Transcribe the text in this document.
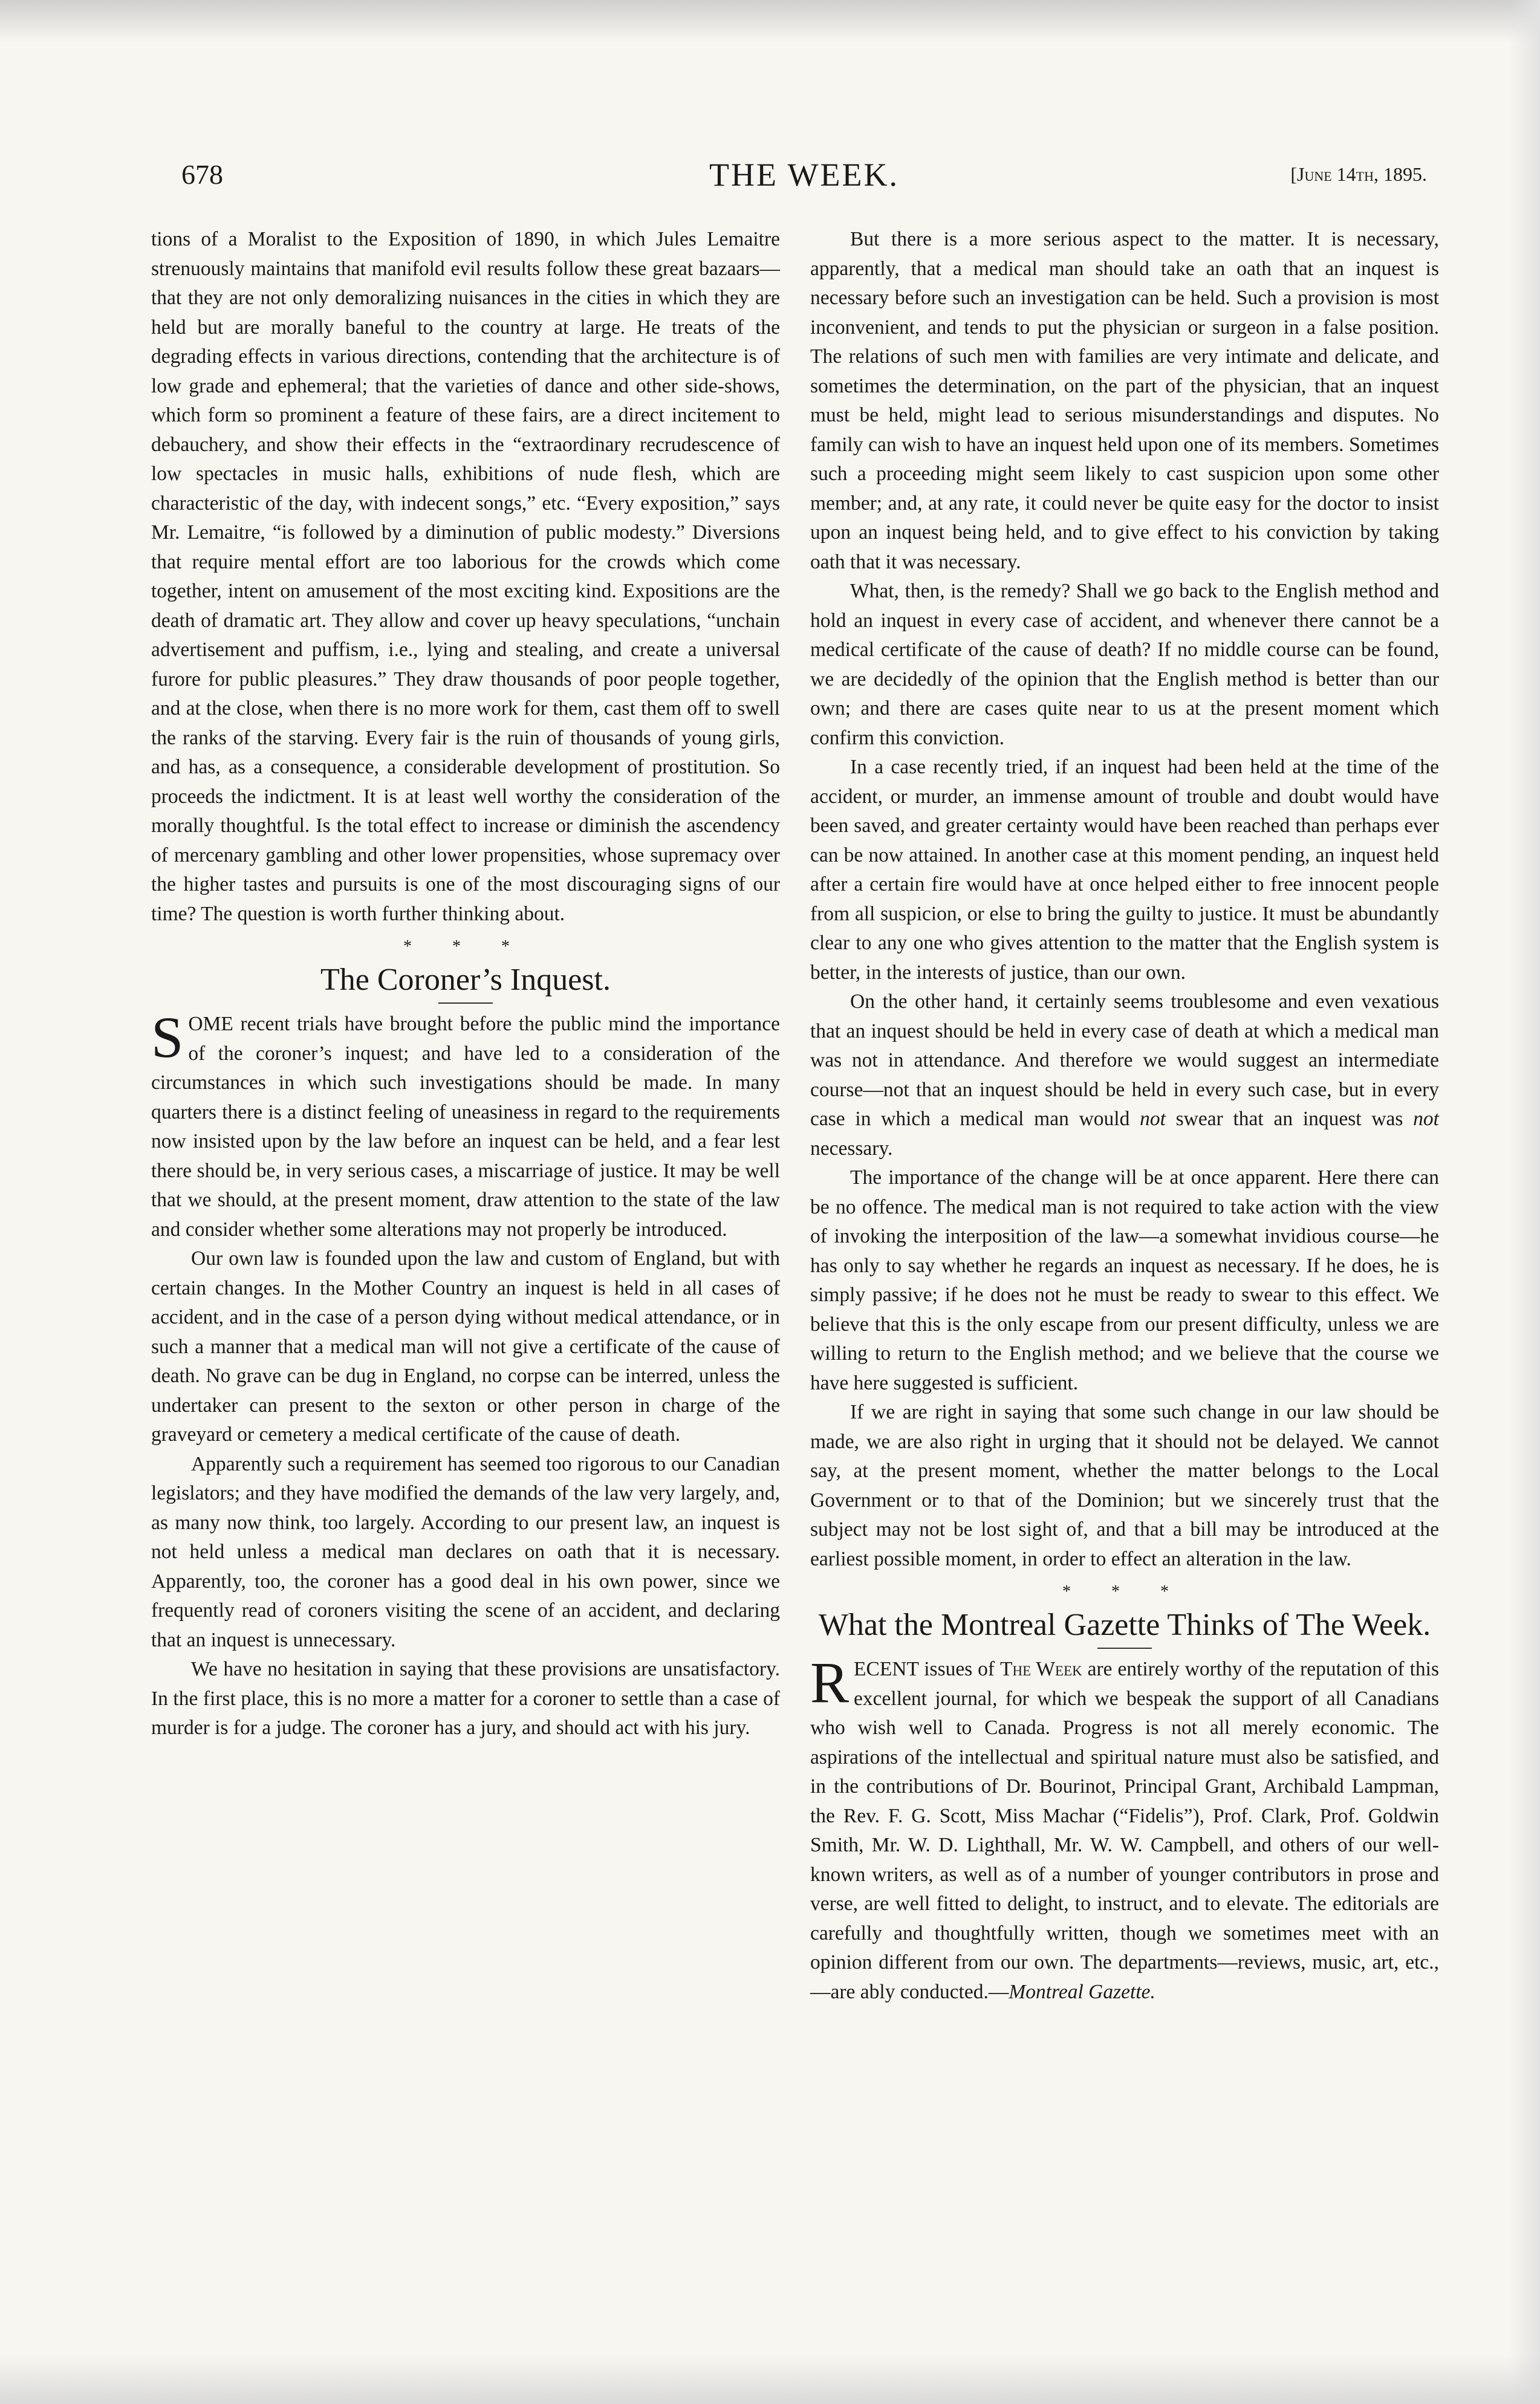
678	THE WEEK.	[June 14th, 1895.

tions of a Moralist to the Exposition of 1890, in which Jules Lemaitre strenuously maintains that manifold evil results follow these great bazaars—that they are not only demoralizing nuisances in the cities in which they are held but are morally baneful to the country at large. He treats of the degrading effects in various directions, contending that the architecture is of low grade and ephemeral; that the varieties of dance and other side-shows, which form so prominent a feature of these fairs, are a direct incitement to debauchery, and show their effects in the “extraordinary recrudescence of low spectacles in music halls, exhibitions of nude flesh, which are characteristic of the day, with indecent songs,” etc. “Every exposition,” says Mr. Lemaitre, “is followed by a diminution of public modesty.” Diversions that require mental effort are too laborious for the crowds which come together, intent on amusement of the most exciting kind. Expositions are the death of dramatic art. They allow and cover up heavy speculations, “unchain advertisement and puffism, i.e., lying and stealing, and create a universal furore for public pleasures.” They draw thousands of poor people together, and at the close, when there is no more work for them, cast them off to swell the ranks of the starving. Every fair is the ruin of thousands of young girls, and has, as a consequence, a considerable development of prostitution. So proceeds the indictment. It is at least well worthy the consideration of the morally thoughtful. Is the total effect to increase or diminish the ascendency of mercenary gambling and other lower propensities, whose supremacy over the higher tastes and pursuits is one of the most discouraging signs of our time? The question is worth further thinking about.

* * *
The Coroner’s Inquest.

SOME recent trials have brought before the public mind the importance of the coroner’s inquest; and have led to a consideration of the circumstances in which such investigations should be made. In many quarters there is a distinct feeling of uneasiness in regard to the requirements now insisted upon by the law before an inquest can be held, and a fear lest there should be, in very serious cases, a miscarriage of justice. It may be well that we should, at the present moment, draw attention to the state of the law and consider whether some alterations may not properly be introduced.

Our own law is founded upon the law and custom of England, but with certain changes. In the Mother Country an inquest is held in all cases of accident, and in the case of a person dying without medical attendance, or in such a manner that a medical man will not give a certificate of the cause of death. No grave can be dug in England, no corpse can be interred, unless the undertaker can present to the sexton or other person in charge of the graveyard or cemetery a medical certificate of the cause of death.

Apparently such a requirement has seemed too rigorous to our Canadian legislators; and they have modified the demands of the law very largely, and, as many now think, too largely. According to our present law, an inquest is not held unless a medical man declares on oath that it is necessary. Apparently, too, the coroner has a good deal in his own power, since we frequently read of coroners visiting the scene of an accident, and declaring that an inquest is unnecessary.

We have no hesitation in saying that these provisions are unsatisfactory. In the first place, this is no more a matter for a coroner to settle than a case of murder is for a judge. The coroner has a jury, and should act with his jury.

But there is a more serious aspect to the matter. It is necessary, apparently, that a medical man should take an oath that an inquest is necessary before such an investigation can be held. Such a provision is most inconvenient, and tends to put the physician or surgeon in a false position. The relations of such men with families are very intimate and delicate, and sometimes the determination, on the part of the physician, that an inquest must be held, might lead to serious misunderstandings and disputes. No family can wish to have an inquest held upon one of its members. Sometimes such a proceeding might seem likely to cast suspicion upon some other member; and, at any rate, it could never be quite easy for the doctor to insist upon an inquest being held, and to give effect to his conviction by taking oath that it was necessary.

What, then, is the remedy? Shall we go back to the English method and hold an inquest in every case of accident, and whenever there cannot be a medical certificate of the cause of death? If no middle course can be found, we are decidedly of the opinion that the English method is better than our own; and there are cases quite near to us at the present moment which confirm this conviction.

In a case recently tried, if an inquest had been held at the time of the accident, or murder, an immense amount of trouble and doubt would have been saved, and greater certainty would have been reached than perhaps ever can be now attained. In another case at this moment pending, an inquest held after a certain fire would have at once helped either to free innocent people from all suspicion, or else to bring the guilty to justice. It must be abundantly clear to any one who gives attention to the matter that the English system is better, in the interests of justice, than our own.

On the other hand, it certainly seems troublesome and even vexatious that an inquest should be held in every case of death at which a medical man was not in attendance. And therefore we would suggest an intermediate course—not that an inquest should be held in every such case, but in every case in which a medical man would not swear that an inquest was not necessary.

The importance of the change will be at once apparent. Here there can be no offence. The medical man is not required to take action with the view of invoking the interposition of the law—a somewhat invidious course—he has only to say whether he regards an inquest as necessary. If he does, he is simply passive; if he does not he must be ready to swear to this effect. We believe that this is the only escape from our present difficulty, unless we are willing to return to the English method; and we believe that the course we have here suggested is sufficient.

If we are right in saying that some such change in our law should be made, we are also right in urging that it should not be delayed. We cannot say, at the present moment, whether the matter belongs to the Local Government or to that of the Dominion; but we sincerely trust that the subject may not be lost sight of, and that a bill may be introduced at the earliest possible moment, in order to effect an alteration in the law.

* * *
What the Montreal Gazette Thinks of The Week.

RECENT issues of The Week are entirely worthy of the reputation of this excellent journal, for which we bespeak the support of all Canadians who wish well to Canada. Progress is not all merely economic. The aspirations of the intellectual and spiritual nature must also be satisfied, and in the contributions of Dr. Bourinot, Principal Grant, Archibald Lampman, the Rev. F. G. Scott, Miss Machar (“Fidelis”), Prof. Clark, Prof. Goldwin Smith, Mr. W. D. Lighthall, Mr. W. W. Campbell, and others of our well-known writers, as well as of a number of younger contributors in prose and verse, are well fitted to delight, to instruct, and to elevate. The editorials are carefully and thoughtfully written, though we sometimes meet with an opinion different from our own. The departments—reviews, music, art, etc.,—are ably conducted.—Montreal Gazette.
